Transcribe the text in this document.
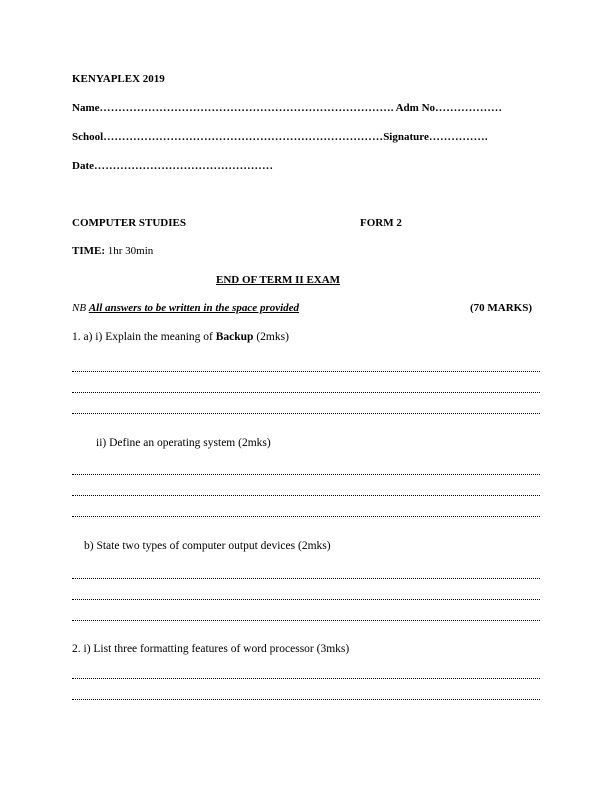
KENYAPLEX 2019
Name……………………………………………………………………. Adm No………………
School…………………………………………………………………Signature…………….
Date…………………………………………
COMPUTER STUDIES	FORM 2
TIME: 1hr 30min
END OF TERM II EXAM
NB All answers to be written in the space provided	(70 MARKS)
1. a) i) Explain the meaning of Backup (2mks)
ii) Define an operating system (2mks)
b) State two types of computer output devices (2mks)
2. i) List three formatting features of word processor (3mks)
